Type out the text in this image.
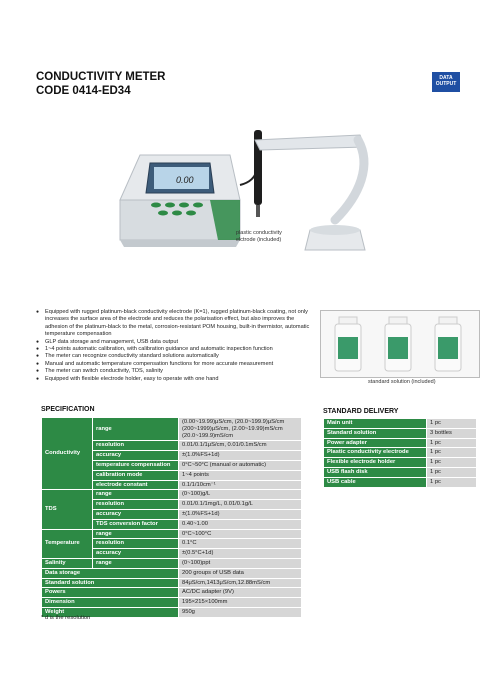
CONDUCTIVITY METER
CODE 0414-ED34
DATA
OUTPUT
0.00
plastic conductivity
elctrode (included)
● Equipped with rugged platinum-black conductivity electrode (K=1), rugged platinum-black coating, not only increases the surface area of the electrode and reduces the polarisation effect, but also improves the adhesion of the platinum-black to the metal, corrosion-resistant POM housing, built-in thermistor, automatic temperature compensation
● GLP data storage and management, USB data output
● 1~4 points automatic calibration, with calibration guidance and automatic inspection function
● The meter can recognize conductivity standard solutions automatically
● Manual and automatic temperature compensation functions for more accurate measurement
● The meter can switch conductivity, TDS, salinity
● Equipped with flexible electrode holder, easy to operate with one hand
standard solution (included)
SPECIFICATION
Conductivity	range	(0.00~19.99)μS/cm, (20.0~199.9)μS/cm
(200~1999)μS/cm, (2.00~19.99)mS/cm
(20.0~199.9)mS/cm

	resolution	0.01/0.1/1μS/cm, 0.01/0.1mS/cm
	accuracy	±(1.0%FS+1d)
	temperature compensation	0°C~50°C (manual or automatic)
	calibration mode	1~4 points
	electrode constant	0.1/1/10cm⁻¹
TDS	range	(0~100)g/L
	resolution	0.01/0.1/1mg/L, 0.01/0.1g/L
	accuracy	±(1.0%FS+1d)
	TDS conversion factor	0.40~1.00
Temperature	range	0°C~100°C
	resolution	0.1°C
	accuracy	±(0.5°C+1d)
Salinity	range	(0~100)ppt
Data storage		200 groups of USB data
Standard solution		84μS/cm,1413μS/cm,12.88mS/cm
Powers		AC/DC adapter (9V)
Dimension		195×215×100mm
Weight		950g
STANDARD DELIVERY
Main unit	1 pc
Standard solution	3 bottles
Power adapter	1 pc
Plastic conductivity electrode	1 pc
Flexible electrode holder	1 pc
USB flash disk	1 pc
USB cable	1 pc
* d is the resolution
